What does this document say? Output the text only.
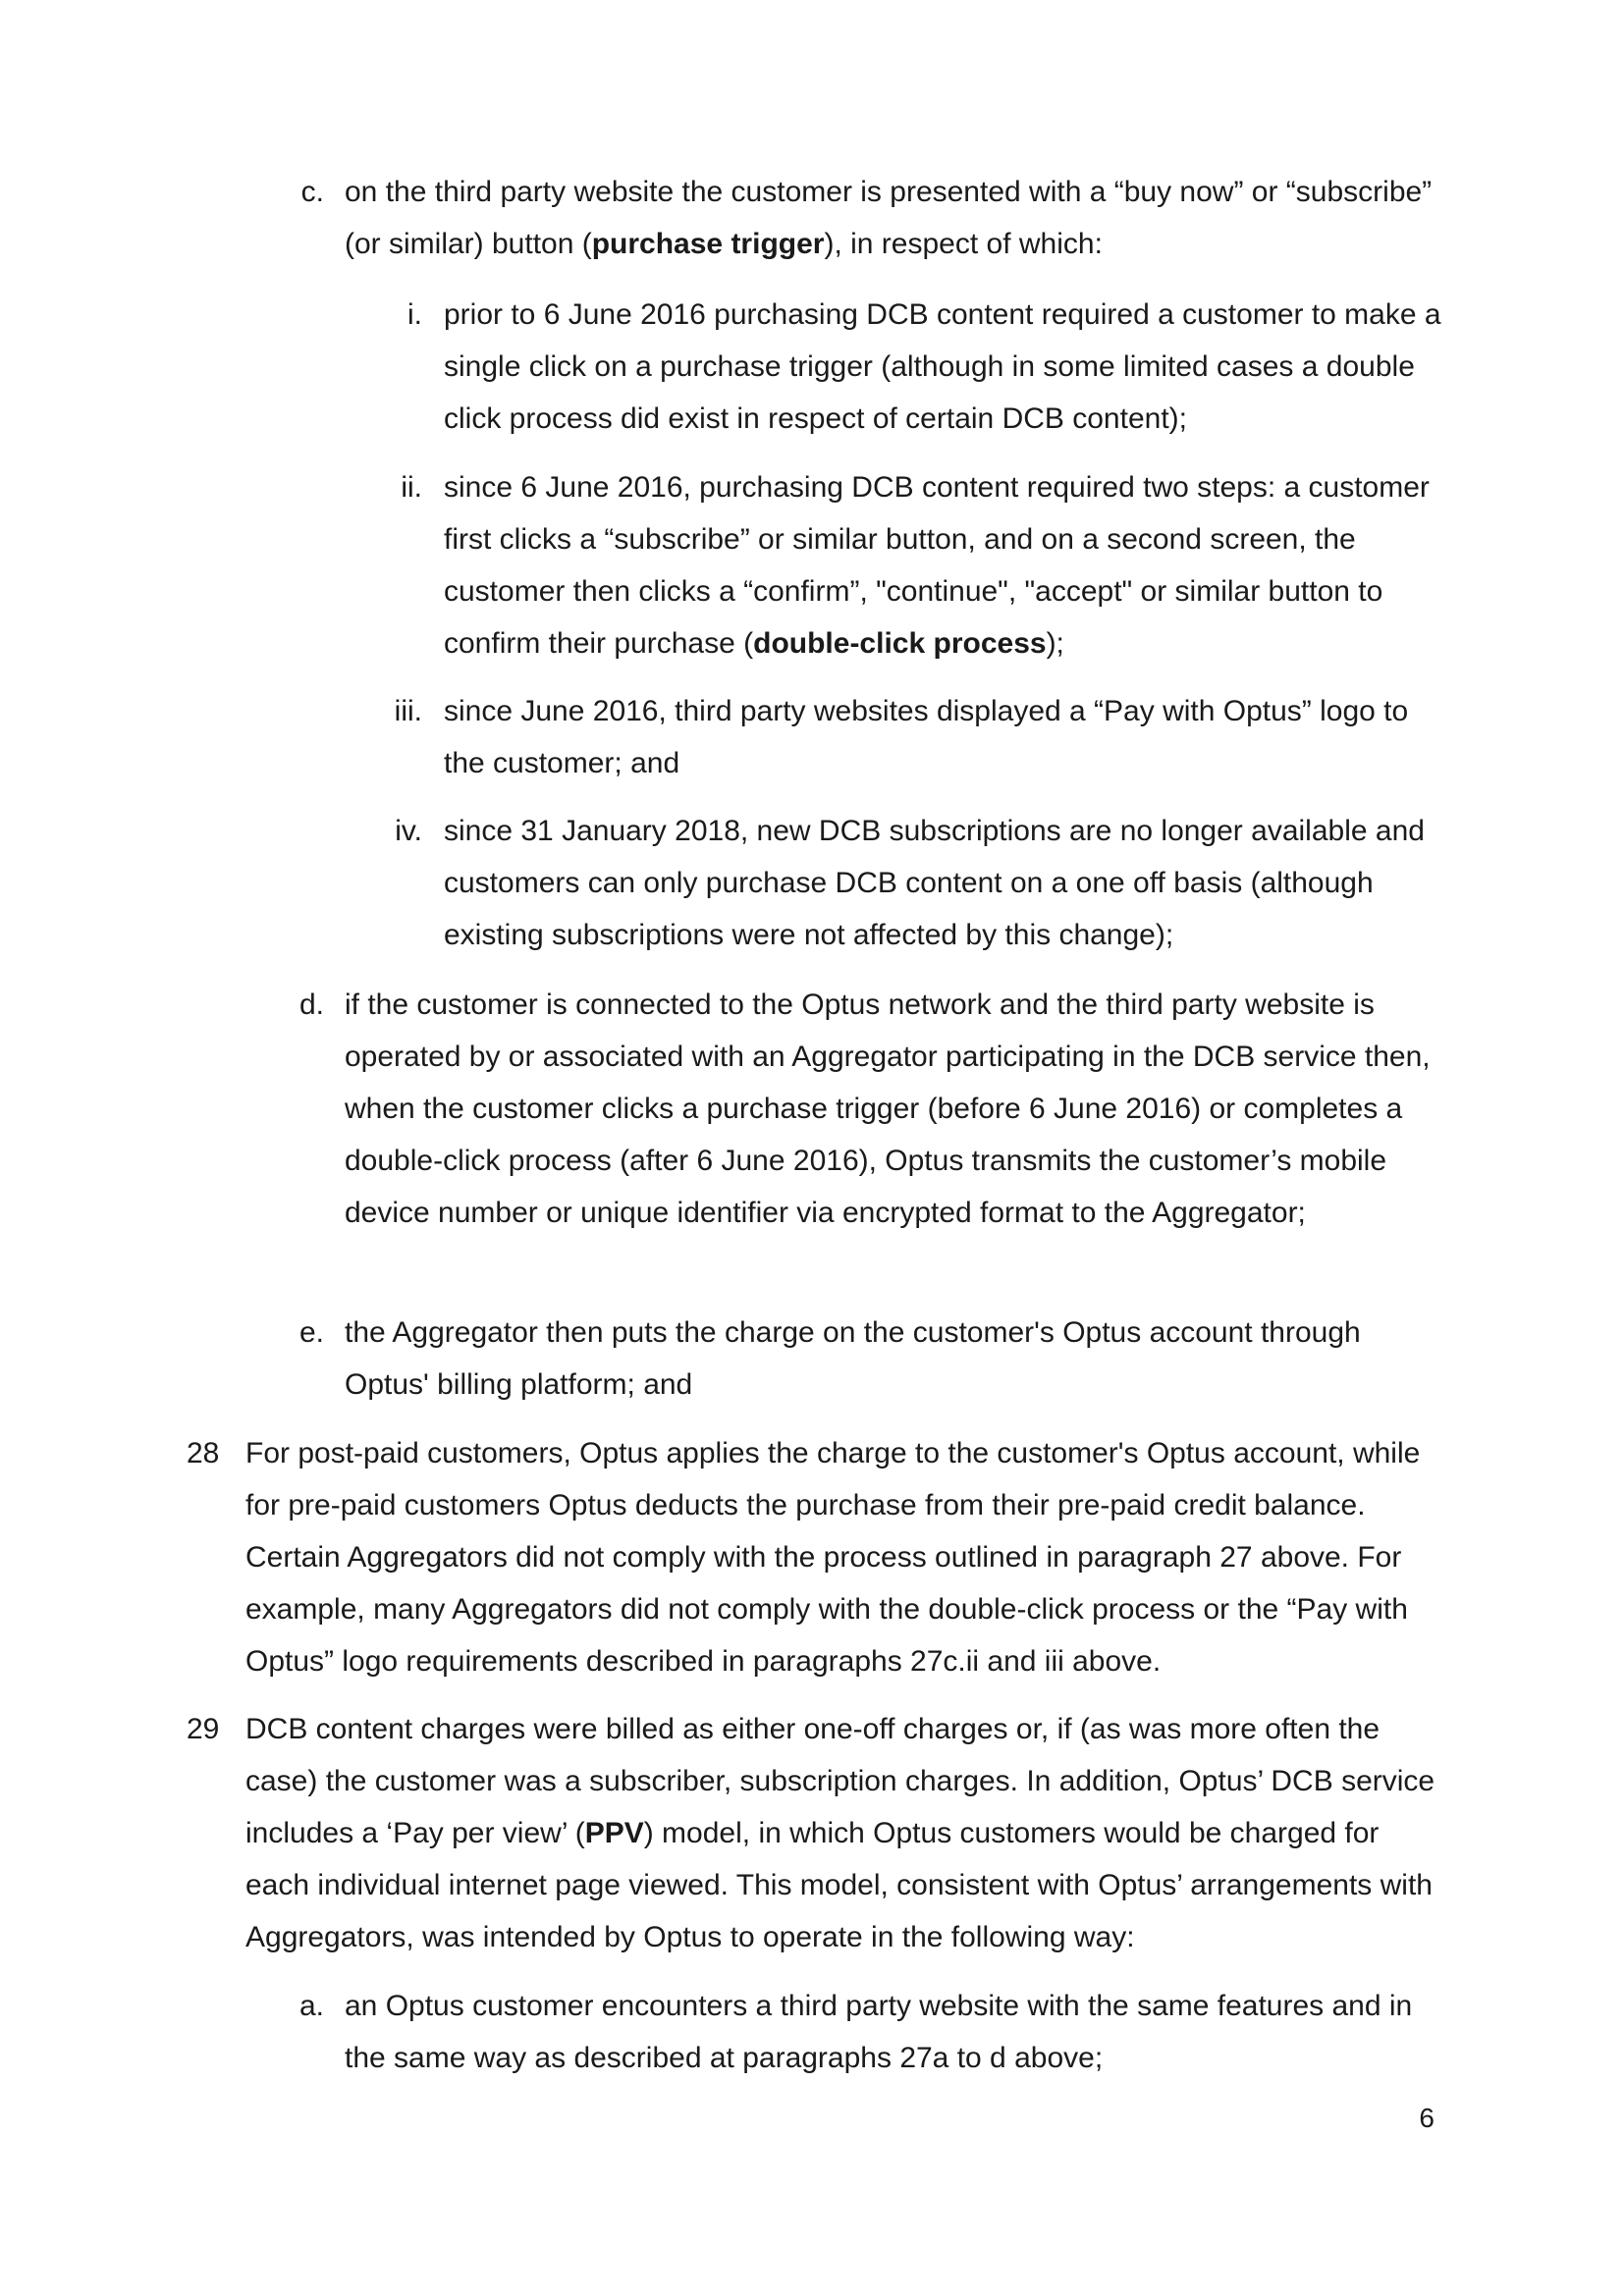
c. on the third party website the customer is presented with a “buy now” or “subscribe” (or similar) button (purchase trigger), in respect of which:

i. prior to 6 June 2016 purchasing DCB content required a customer to make a single click on a purchase trigger (although in some limited cases a double click process did exist in respect of certain DCB content);

ii. since 6 June 2016, purchasing DCB content required two steps: a customer first clicks a “subscribe” or similar button, and on a second screen, the customer then clicks a “confirm”, "continue", "accept" or similar button to confirm their purchase (double-click process);

iii. since June 2016, third party websites displayed a “Pay with Optus” logo to the customer; and

iv. since 31 January 2018, new DCB subscriptions are no longer available and customers can only purchase DCB content on a one off basis (although existing subscriptions were not affected by this change);

d. if the customer is connected to the Optus network and the third party website is operated by or associated with an Aggregator participating in the DCB service then, when the customer clicks a purchase trigger (before 6 June 2016) or completes a double-click process (after 6 June 2016), Optus transmits the customer’s mobile device number or unique identifier via encrypted format to the Aggregator;

e. the Aggregator then puts the charge on the customer's Optus account through Optus' billing platform; and

28 For post-paid customers, Optus applies the charge to the customer's Optus account, while for pre-paid customers Optus deducts the purchase from their pre-paid credit balance. Certain Aggregators did not comply with the process outlined in paragraph 27 above. For example, many Aggregators did not comply with the double-click process or the “Pay with Optus” logo requirements described in paragraphs 27c.ii and iii above.

29 DCB content charges were billed as either one-off charges or, if (as was more often the case) the customer was a subscriber, subscription charges. In addition, Optus’ DCB service includes a ‘Pay per view’ (PPV) model, in which Optus customers would be charged for each individual internet page viewed. This model, consistent with Optus’ arrangements with Aggregators, was intended by Optus to operate in the following way:

a. an Optus customer encounters a third party website with the same features and in the same way as described at paragraphs 27a to d above;

6
